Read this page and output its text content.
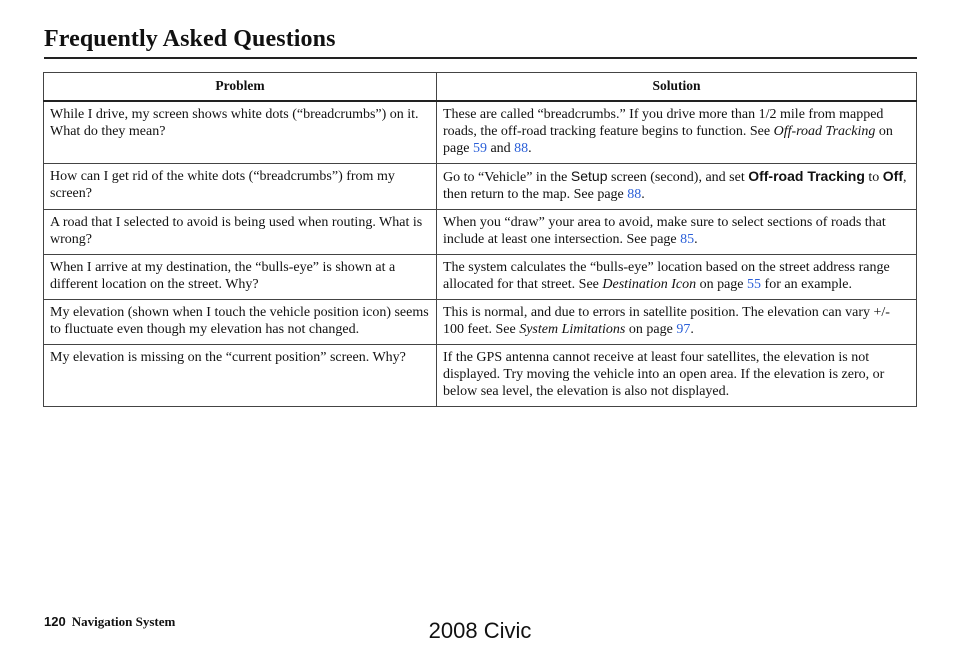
Frequently Asked Questions
Problem	Solution
While I drive, my screen shows white dots (“breadcrumbs”) on it. What do they mean?	These are called “breadcrumbs.” If you drive more than 1/2 mile from mapped roads, the off-road tracking feature begins to function. See Off-road Tracking on page 59 and 88.
How can I get rid of the white dots (“breadcrumbs”) from my screen?	Go to “Vehicle” in the Setup screen (second), and set Off-road Tracking to Off, then return to the map. See page 88.
A road that I selected to avoid is being used when routing. What is wrong?	When you “draw” your area to avoid, make sure to select sections of roads that include at least one intersection. See page 85.
When I arrive at my destination, the “bulls-eye” is shown at a different location on the street. Why?	The system calculates the “bulls-eye” location based on the street address range allocated for that street. See Destination Icon on page 55 for an example.
My elevation (shown when I touch the vehicle position icon) seems to fluctuate even though my elevation has not changed.	This is normal, and due to errors in satellite position. The elevation can vary +/- 100 feet. See System Limitations on page 97.
My elevation is missing on the “current position” screen. Why?	If the GPS antenna cannot receive at least four satellites, the elevation is not displayed. Try moving the vehicle into an open area. If the elevation is zero, or below sea level, the elevation is also not displayed.
120 Navigation System	2008 Civic
